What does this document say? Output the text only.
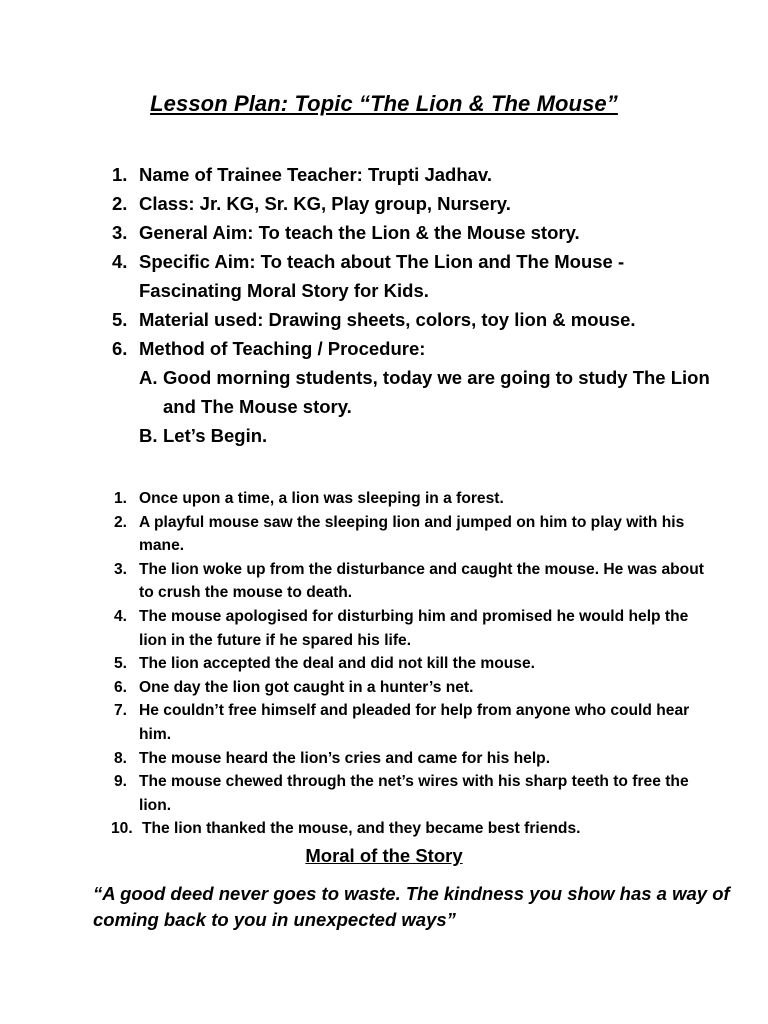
Lesson Plan: Topic “The Lion & The Mouse”
1. Name of Trainee Teacher: Trupti Jadhav.
2. Class: Jr. KG, Sr. KG, Play group, Nursery.
3. General Aim: To teach the Lion & the Mouse story.
4. Specific Aim: To teach about The Lion and The Mouse - Fascinating Moral Story for Kids.
5. Material used: Drawing sheets, colors, toy lion & mouse.
6. Method of Teaching / Procedure:
A. Good morning students, today we are going to study The Lion and The Mouse story.
B. Let’s Begin.
1. Once upon a time, a lion was sleeping in a forest.
2. A playful mouse saw the sleeping lion and jumped on him to play with his mane.
3. The lion woke up from the disturbance and caught the mouse. He was about to crush the mouse to death.
4. The mouse apologised for disturbing him and promised he would help the lion in the future if he spared his life.
5. The lion accepted the deal and did not kill the mouse.
6. One day the lion got caught in a hunter’s net.
7. He couldn’t free himself and pleaded for help from anyone who could hear him.
8. The mouse heard the lion’s cries and came for his help.
9. The mouse chewed through the net’s wires with his sharp teeth to free the lion.
10. The lion thanked the mouse, and they became best friends.
Moral of the Story
“A good deed never goes to waste. The kindness you show has a way of coming back to you in unexpected ways”
